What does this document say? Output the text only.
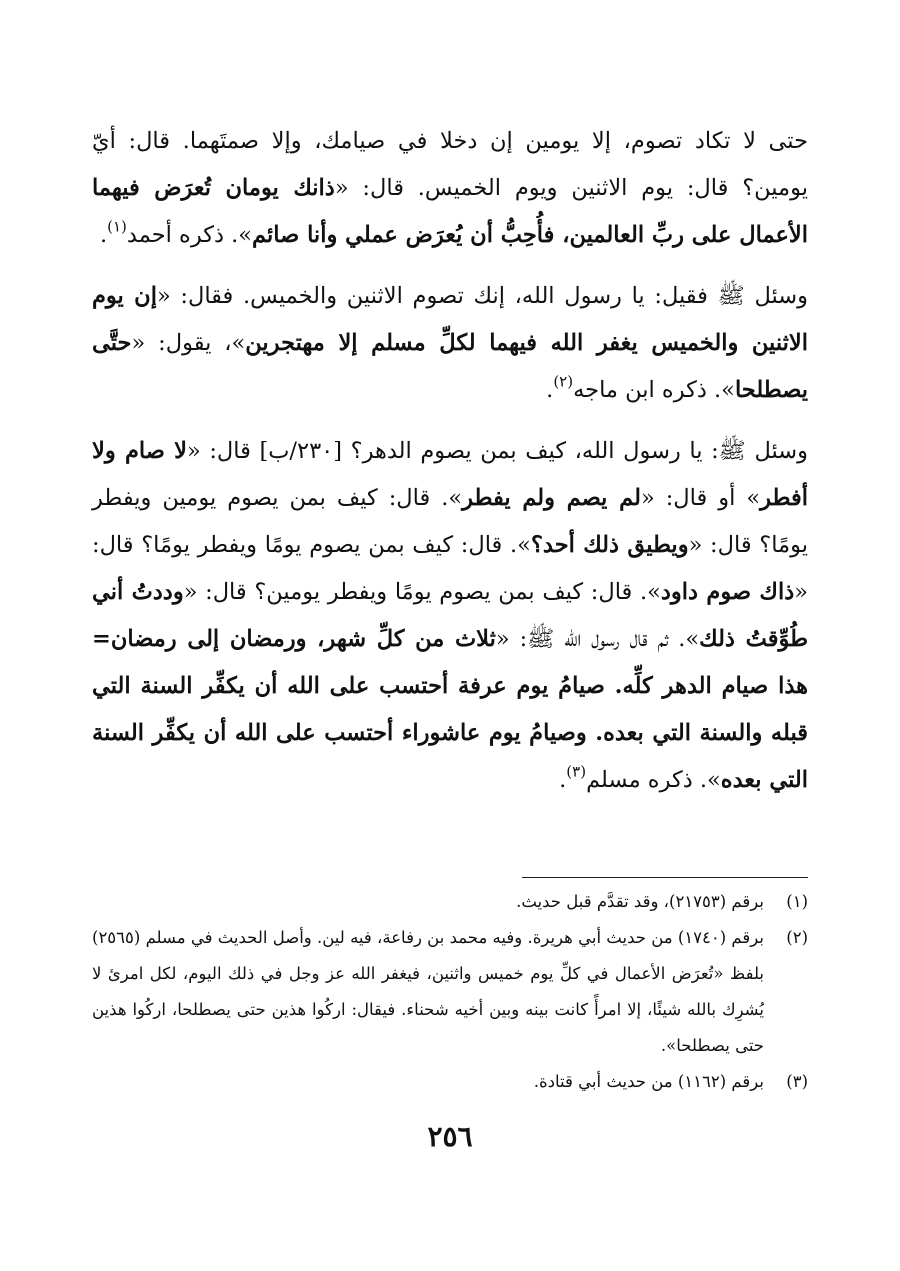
حتى لا تكاد تصوم، إلا يومين إن دخلا في صيامك، وإلا صمتَهما. قال: أيّ يومين؟ قال: يوم الاثنين ويوم الخميس. قال: «ذانك يومان تُعرَض فيهما الأعمال على ربِّ العالمين، فأُحِبُّ أن يُعرَض عملي وأنا صائم». ذكره أحمد$^{(١)}$.

وسئل ﷺ فقيل: يا رسول الله، إنك تصوم الاثنين والخميس. فقال: «إن يوم الاثنين والخميس يغفر الله فيهما لكلِّ مسلم إلا مهتجرين»، يقول: «حتَّى يصطلحا». ذكره ابن ماجه$^{(٢)}$.

وسئل ﷺ: يا رسول الله، كيف بمن يصوم الدهر؟ [٢٣٠/ب] قال: «لا صام ولا أفطر» أو قال: «لم يصم ولم يفطر». قال: كيف بمن يصوم يومين ويفطر يومًا؟ قال: «ويطيق ذلك أحد؟». قال: كيف بمن يصوم يومًا ويفطر يومًا؟ قال: «ذاك صوم داود». قال: كيف بمن يصوم يومًا ويفطر يومين؟ قال: «وددتُ أني طُوِّقتُ ذلك». ثم قال رسول الله ﷺ: «ثلاث من كلِّ شهر، ورمضان إلى رمضان= هذا صيام الدهر كلِّه. صيامُ يوم عرفة أحتسب على الله أن يكفِّر السنة التي قبله والسنة التي بعده. وصيامُ يوم عاشوراء أحتسب على الله أن يكفِّر السنة التي بعده». ذكره مسلم$^{(٣)}$.

(١)
برقم (٢١٧٥٣)، وقد تقدَّم قبل حديث.
(٢)
برقم (١٧٤٠) من حديث أبي هريرة. وفيه محمد بن رفاعة، فيه لين. وأصل الحديث في مسلم (٢٥٦٥) بلفظ «تُعرَض الأعمال في كلِّ يوم خميس واثنين، فيغفر الله عز وجل في ذلك اليوم، لكل امرئ لا يُشرِك بالله شيئًا، إلا امرأً كانت بينه وبين أخيه شحناء. فيقال: اركُوا هذين حتى يصطلحا، اركُوا هذين حتى يصطلحا».
(٣)
برقم (١١٦٢) من حديث أبي قتادة.
٢٥٦
